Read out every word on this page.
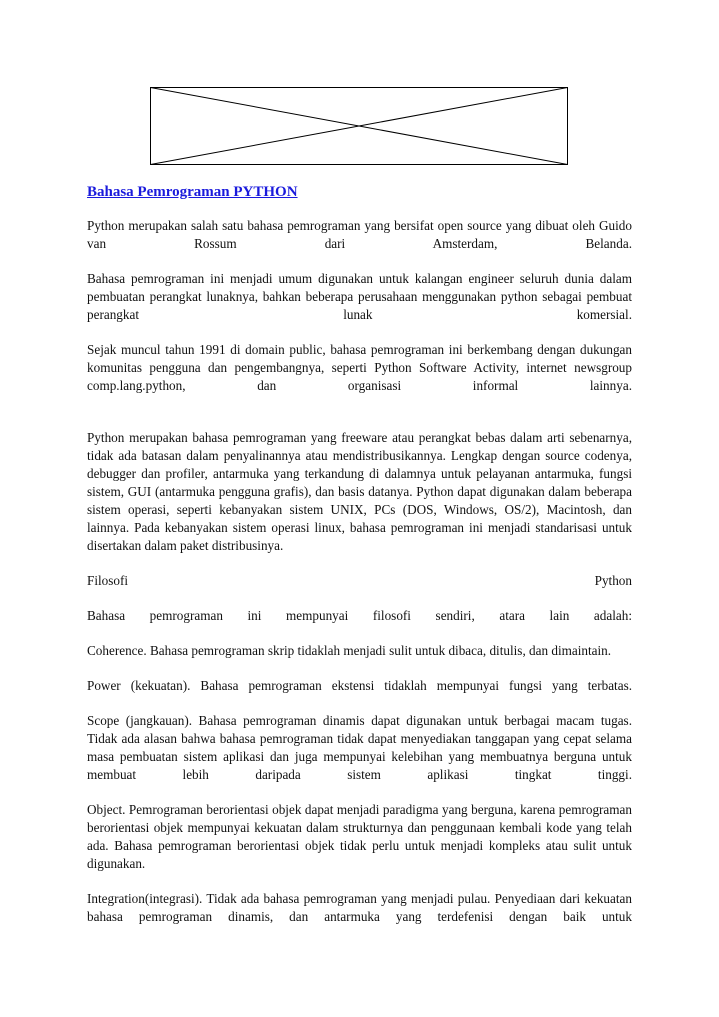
Bahasa Pemrograman PYTHON

Python merupakan salah satu bahasa pemrograman yang bersifat open source yang dibuat oleh Guido van Rossum dari Amsterdam, Belanda.

Bahasa pemrograman ini menjadi umum digunakan untuk kalangan engineer seluruh dunia dalam pembuatan perangkat lunaknya, bahkan beberapa perusahaan menggunakan python sebagai pembuat perangkat lunak komersial.

Sejak muncul tahun 1991 di domain public, bahasa pemrograman ini berkembang dengan dukungan komunitas pengguna dan pengembangnya, seperti Python Software Activity, internet newsgroup comp.lang.python, dan organisasi informal lainnya.

Python merupakan bahasa pemrograman yang freeware atau perangkat bebas dalam arti sebenarnya, tidak ada batasan dalam penyalinannya atau mendistribusikannya. Lengkap dengan source codenya, debugger dan profiler, antarmuka yang terkandung di dalamnya untuk pelayanan antarmuka, fungsi sistem, GUI (antarmuka pengguna grafis), dan basis datanya. Python dapat digunakan dalam beberapa sistem operasi, seperti kebanyakan sistem UNIX, PCs (DOS, Windows, OS/2), Macintosh, dan lainnya. Pada kebanyakan sistem operasi linux, bahasa pemrograman ini menjadi standarisasi untuk disertakan dalam paket distribusinya.

Filosofi Python

Bahasa pemrograman ini mempunyai filosofi sendiri, atara lain adalah:

Coherence. Bahasa pemrograman skrip tidaklah menjadi sulit untuk dibaca, ditulis, dan dimaintain.

Power (kekuatan). Bahasa pemrograman ekstensi tidaklah mempunyai fungsi yang terbatas.

Scope (jangkauan). Bahasa pemrograman dinamis dapat digunakan untuk berbagai macam tugas. Tidak ada alasan bahwa bahasa pemrograman tidak dapat menyediakan tanggapan yang cepat selama masa pembuatan sistem aplikasi dan juga mempunyai kelebihan yang membuatnya berguna untuk membuat lebih daripada sistem aplikasi tingkat tinggi.

Object. Pemrograman berorientasi objek dapat menjadi paradigma yang berguna, karena pemrograman berorientasi objek mempunyai kekuatan dalam strukturnya dan penggunaan kembali kode yang telah ada. Bahasa pemrograman berorientasi objek tidak perlu untuk menjadi kompleks atau sulit untuk digunakan.

Integration(integrasi). Tidak ada bahasa pemrograman yang menjadi pulau. Penyediaan dari kekuatan bahasa pemrograman dinamis, dan antarmuka yang terdefenisi dengan baik untuk
